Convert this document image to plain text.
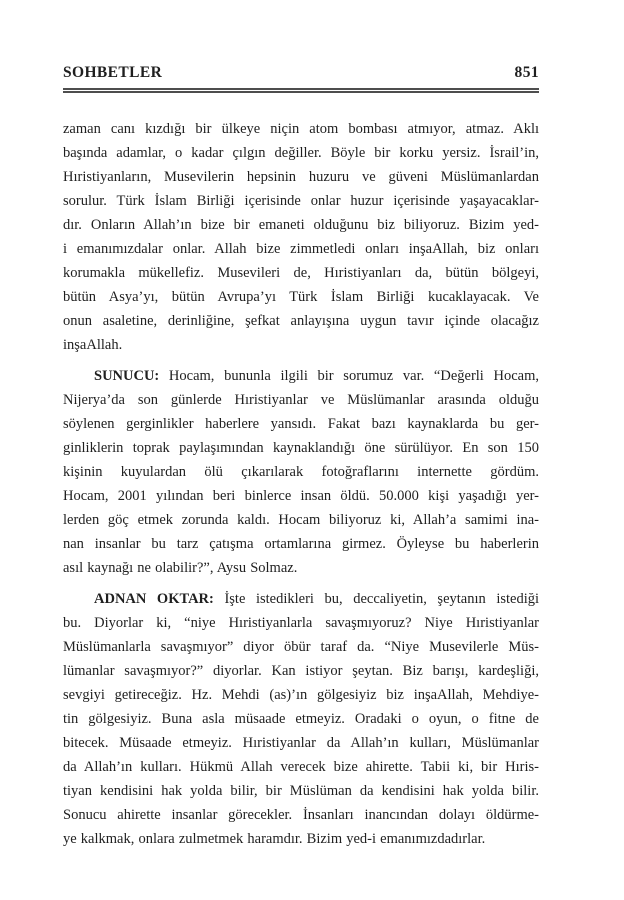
SOHBETLER	851
zaman canı kızdığı bir ülkeye niçin atom bombası atmıyor, atmaz. Aklı
başında adamlar, o kadar çılgın değiller. Böyle bir korku yersiz. İsrail’in,
Hıristiyanların, Musevilerin hepsinin huzuru ve güveni Müslümanlardan
sorulur. Türk İslam Birliği içerisinde onlar huzur içerisinde yaşayacaklar-
dır. Onların Allah’ın bize bir emaneti olduğunu biz biliyoruz. Bizim yed-
i emanımızdalar onlar. Allah bize zimmetledi onları inşaAllah, biz onları
korumakla mükellefiz. Musevileri de, Hıristiyanları da, bütün bölgeyi,
bütün Asya’yı, bütün Avrupa’yı Türk İslam Birliği kucaklayacak. Ve
onun asaletine, derinliğine, şefkat anlayışına uygun tavır içinde olacağız
inşaAllah.
SUNUCU: Hocam, bununla ilgili bir sorumuz var. “Değerli Hocam,
Nijerya’da son günlerde Hıristiyanlar ve Müslümanlar arasında olduğu
söylenen gerginlikler haberlere yansıdı. Fakat bazı kaynaklarda bu ger-
ginliklerin toprak paylaşımından kaynaklandığı öne sürülüyor. En son 150
kişinin kuyulardan ölü çıkarılarak fotoğraflarını internette gördüm.
Hocam, 2001 yılından beri binlerce insan öldü. 50.000 kişi yaşadığı yer-
lerden göç etmek zorunda kaldı. Hocam biliyoruz ki, Allah’a samimi ina-
nan insanlar bu tarz çatışma ortamlarına girmez. Öyleyse bu haberlerin
asıl kaynağı ne olabilir?”, Aysu Solmaz.
ADNAN OKTAR: İşte istedikleri bu, deccaliyetin, şeytanın istediği
bu. Diyorlar ki, “niye Hıristiyanlarla savaşmıyoruz? Niye Hıristiyanlar
Müslümanlarla savaşmıyor” diyor öbür taraf da. “Niye Musevilerle Müs-
lümanlar savaşmıyor?” diyorlar. Kan istiyor şeytan. Biz barışı, kardeşliği,
sevgiyi getireceğiz. Hz. Mehdi (as)’ın gölgesiyiz biz inşaAllah, Mehdiye-
tin gölgesiyiz. Buna asla müsaade etmeyiz. Oradaki o oyun, o fitne de
bitecek. Müsaade etmeyiz. Hıristiyanlar da Allah’ın kulları, Müslümanlar
da Allah’ın kulları. Hükmü Allah verecek bize ahirette. Tabii ki, bir Hıris-
tiyan kendisini hak yolda bilir, bir Müslüman da kendisini hak yolda bilir.
Sonucu ahirette insanlar görecekler. İnsanları inancından dolayı öldürme-
ye kalkmak, onlara zulmetmek haramdır. Bizim yed-i emanımızdadırlar.
